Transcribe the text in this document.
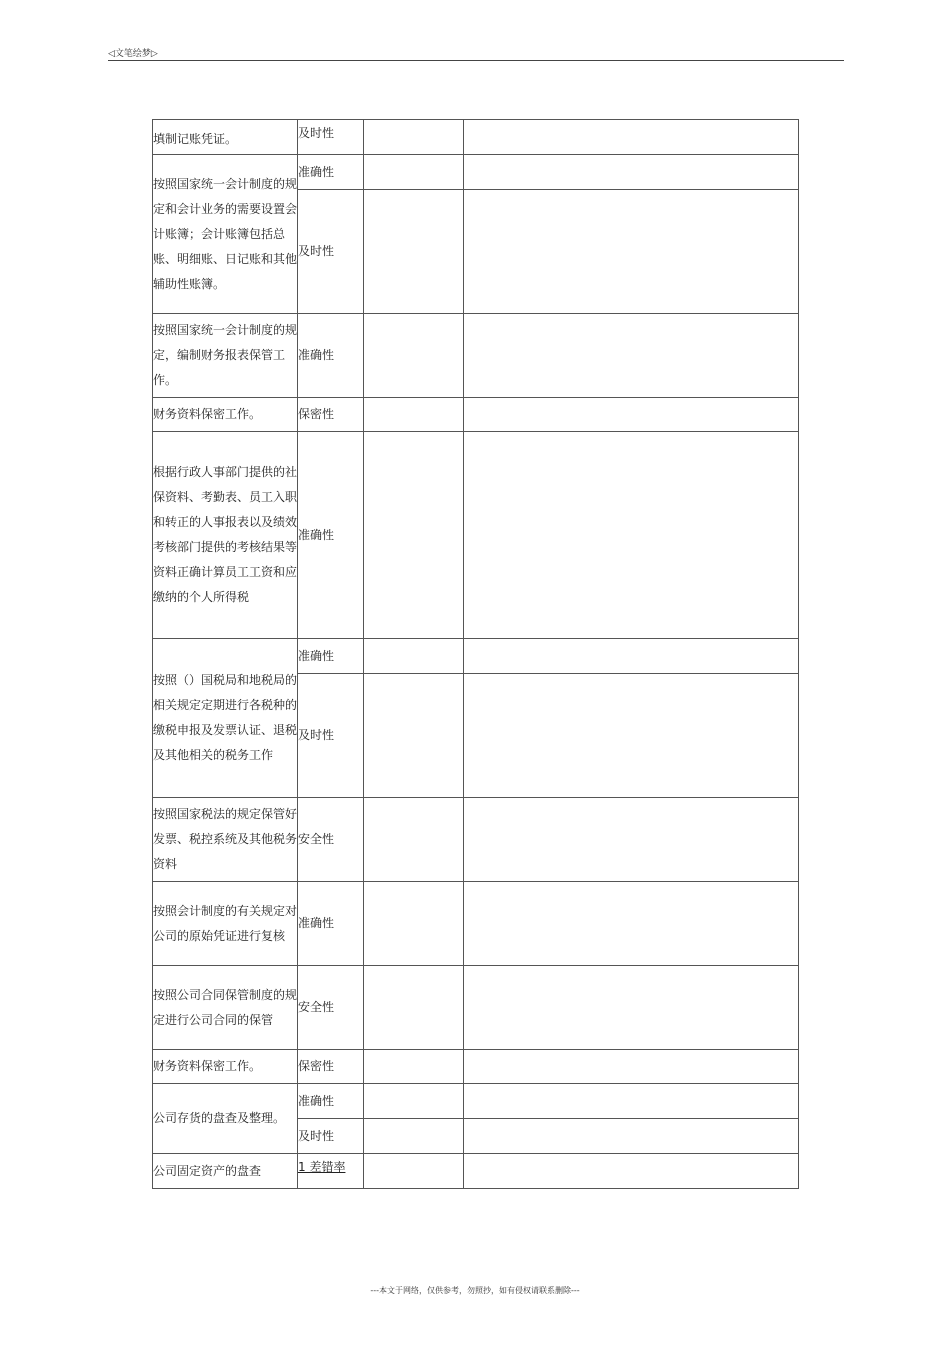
◁文笔绘梦▷
填制记账凭证。	及时性		
按照国家统一会计制度的规定和会计业务的需要设置会计账簿；会计账簿包括总账、明细账、日记账和其他辅助性账簿。	准确性		
	及时性		
按照国家统一会计制度的规定，编制财务报表保管工作。	准确性		
财务资料保密工作。	保密性		
根据行政人事部门提供的社保资料、考勤表、员工入职和转正的人事报表以及绩效考核部门提供的考核结果等资料正确计算员工工资和应缴纳的个人所得税	准确性		
按照（）国税局和地税局的相关规定定期进行各税种的缴税申报及发票认证、退税及其他相关的税务工作	准确性		
	及时性		
按照国家税法的规定保管好发票、税控系统及其他税务资料	安全性		
按照会计制度的有关规定对公司的原始凭证进行复核	准确性		
按照公司合同保管制度的规定进行公司合同的保管	安全性		
财务资料保密工作。	保密性		
公司存货的盘查及整理。	准确性		
	及时性		
公司固定资产的盘查	1 差错率		
---本文于网络，仅供参考，勿照抄，如有侵权请联系删除---
